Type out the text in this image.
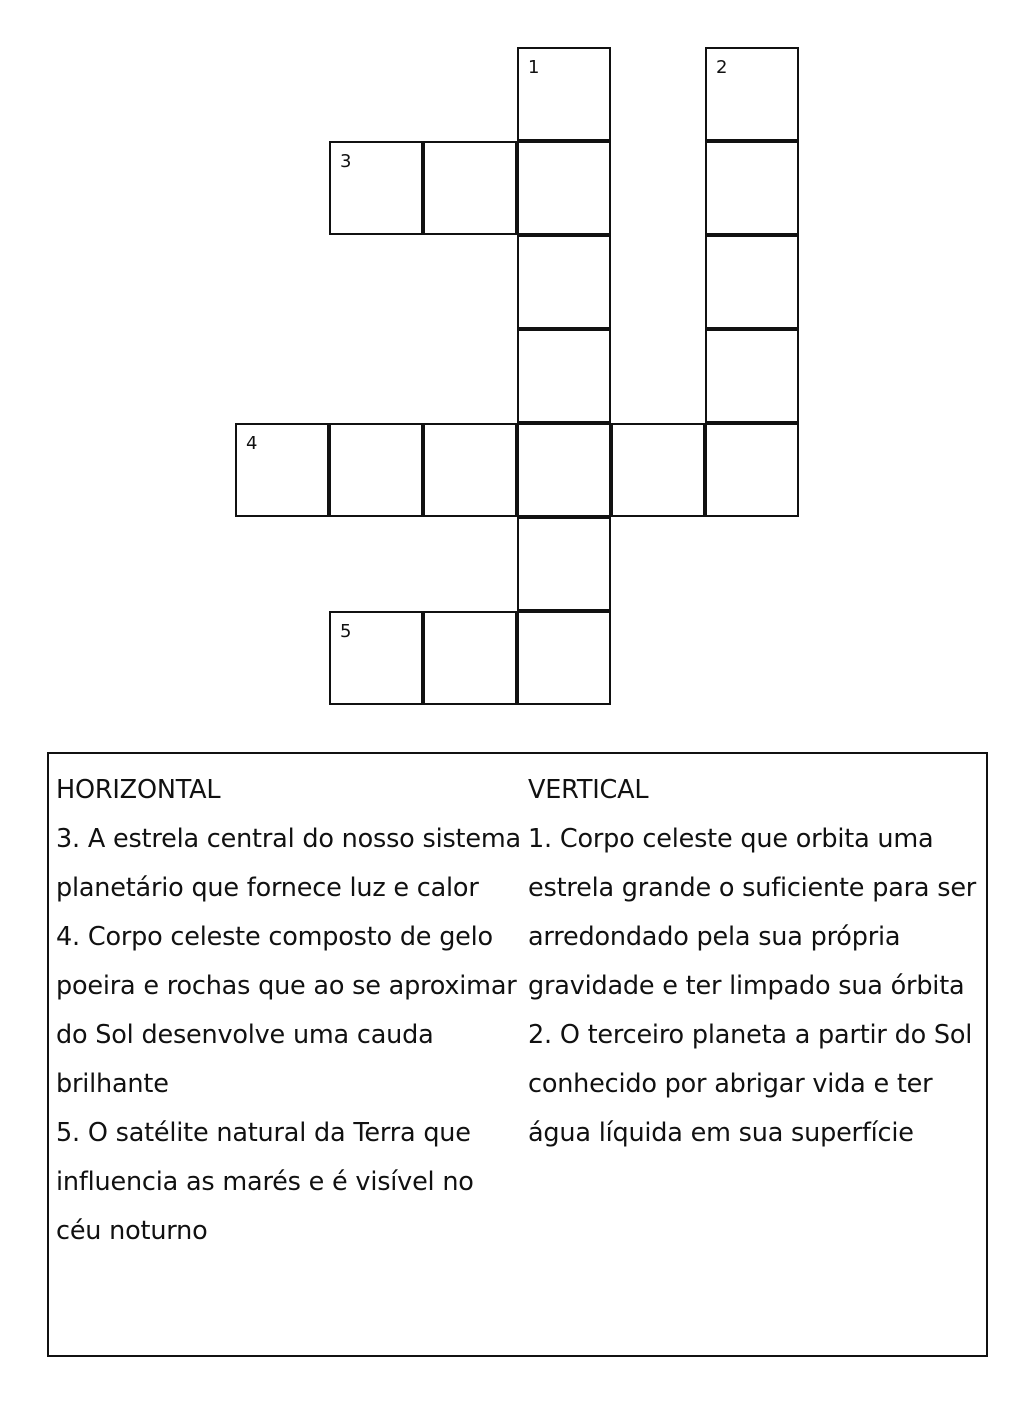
1	2
3
4
5
HORIZONTAL
3. A estrela central do nosso sistema planetário que fornece luz e calor
4. Corpo celeste composto de gelo poeira e rochas que ao se aproximar do Sol desenvolve uma cauda brilhante
5. O satélite natural da Terra que influencia as marés e é visível no céu noturno
VERTICAL
1. Corpo celeste que orbita uma estrela grande o suficiente para ser arredondado pela sua própria gravidade e ter limpado sua órbita
2. O terceiro planeta a partir do Sol conhecido por abrigar vida e ter água líquida em sua superfície
